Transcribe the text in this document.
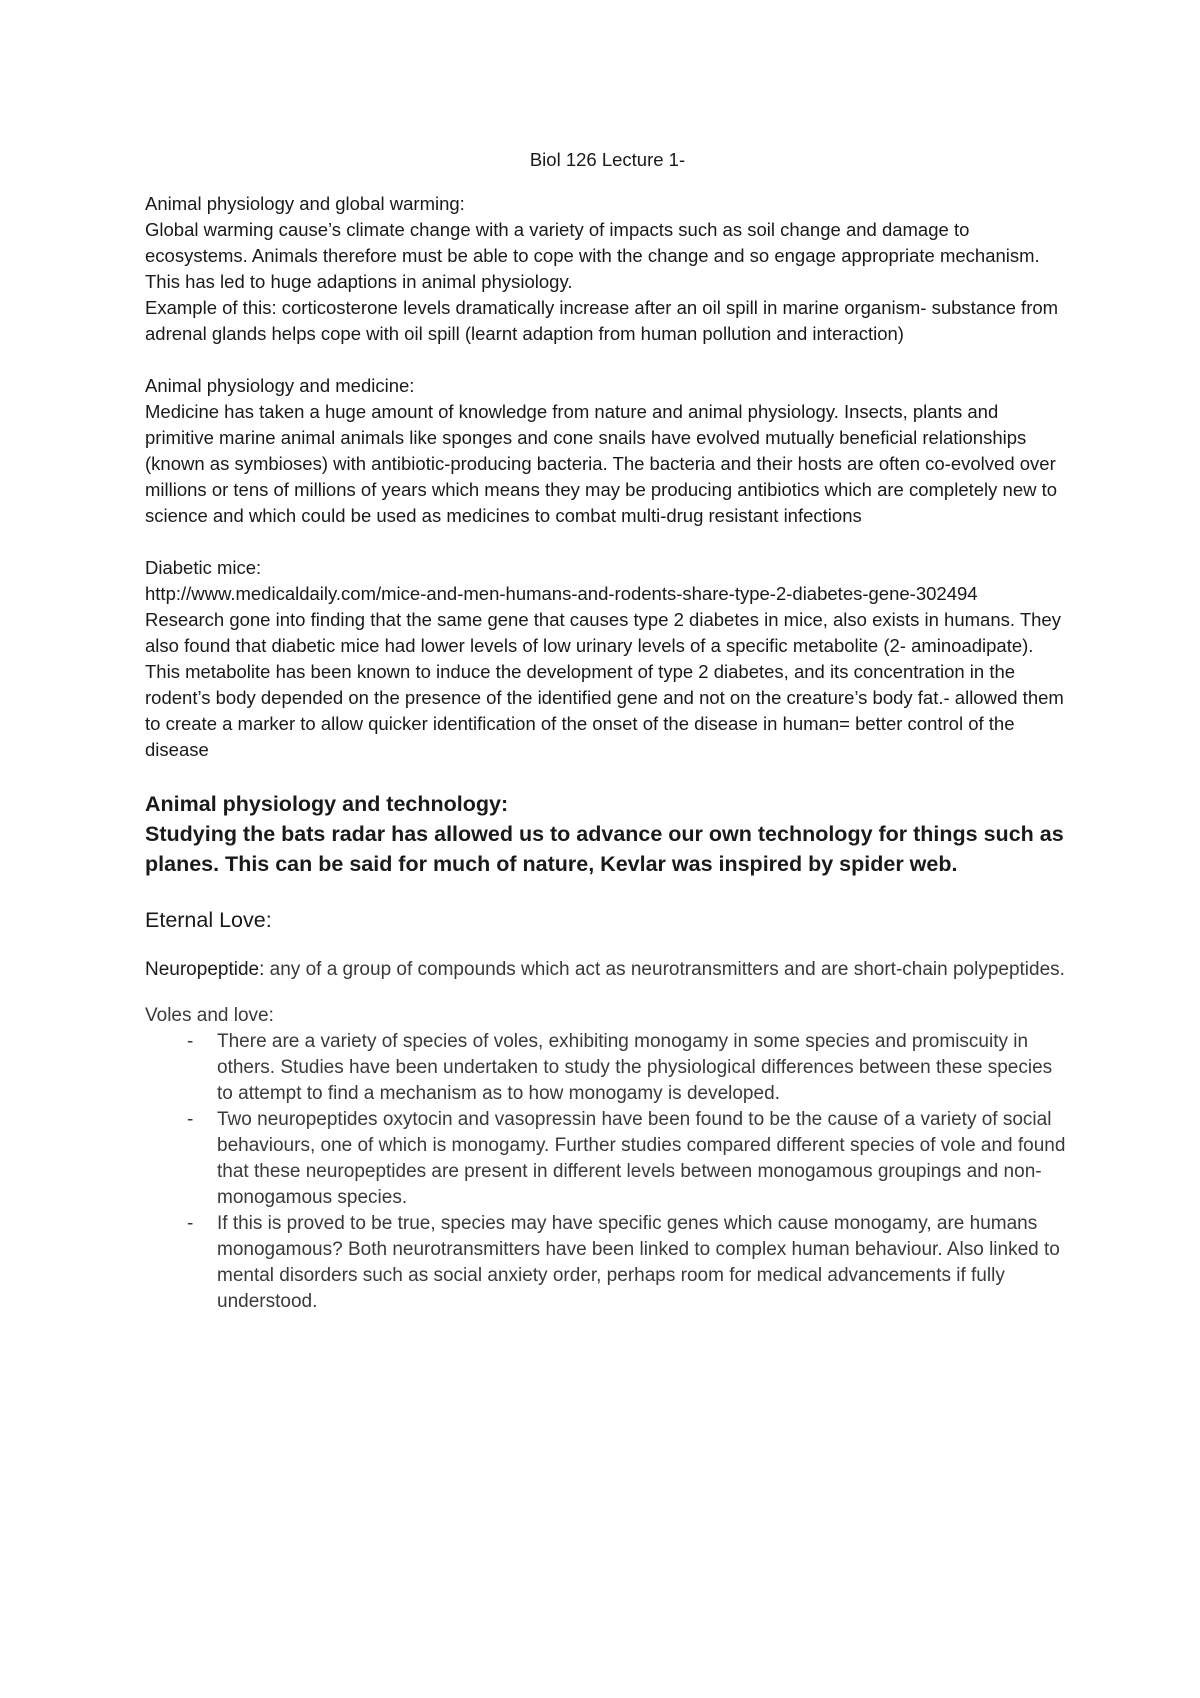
Biol 126 Lecture 1-

Animal physiology and global warming:

Global warming cause’s climate change with a variety of impacts such as soil change and damage to ecosystems. Animals therefore must be able to cope with the change and so engage appropriate mechanism. This has led to huge adaptions in animal physiology.

Example of this: corticosterone levels dramatically increase after an oil spill in marine organism- substance from adrenal glands helps cope with oil spill (learnt adaption from human pollution and interaction)

Animal physiology and medicine:

Medicine has taken a huge amount of knowledge from nature and animal physiology. Insects, plants and primitive marine animal animals like sponges and cone snails have evolved mutually beneficial relationships (known as symbioses) with antibiotic-producing bacteria. The bacteria and their hosts are often co-evolved over millions or tens of millions of years which means they may be producing antibiotics which are completely new to science and which could be used as medicines to combat multi-drug resistant infections

Diabetic mice:

http://www.medicaldaily.com/mice-and-men-humans-and-rodents-share-type-2-diabetes-gene-302494

Research gone into finding that the same gene that causes type 2 diabetes in mice, also exists in humans. They also found that diabetic mice had lower levels of low urinary levels of a specific metabolite (2- aminoadipate). This metabolite has been known to induce the development of type 2 diabetes, and its concentration in the rodent’s body depended on the presence of the identified gene and not on the creature’s body fat.- allowed them to create a marker to allow quicker identification of the onset of the disease in human= better control of the disease

Animal physiology and technology:

Studying the bats radar has allowed us to advance our own technology for things such as planes. This can be said for much of nature, Kevlar was inspired by spider web.

Eternal Love:

Neuropeptide: any of a group of compounds which act as neurotransmitters and are short-chain polypeptides.

Voles and love:

- There are a variety of species of voles, exhibiting monogamy in some species and promiscuity in others. Studies have been undertaken to study the physiological differences between these species to attempt to find a mechanism as to how monogamy is developed.
- Two neuropeptides oxytocin and vasopressin have been found to be the cause of a variety of social behaviours, one of which is monogamy. Further studies compared different species of vole and found that these neuropeptides are present in different levels between monogamous groupings and non-monogamous species.
- If this is proved to be true, species may have specific genes which cause monogamy, are humans monogamous? Both neurotransmitters have been linked to complex human behaviour. Also linked to mental disorders such as social anxiety order, perhaps room for medical advancements if fully understood.
